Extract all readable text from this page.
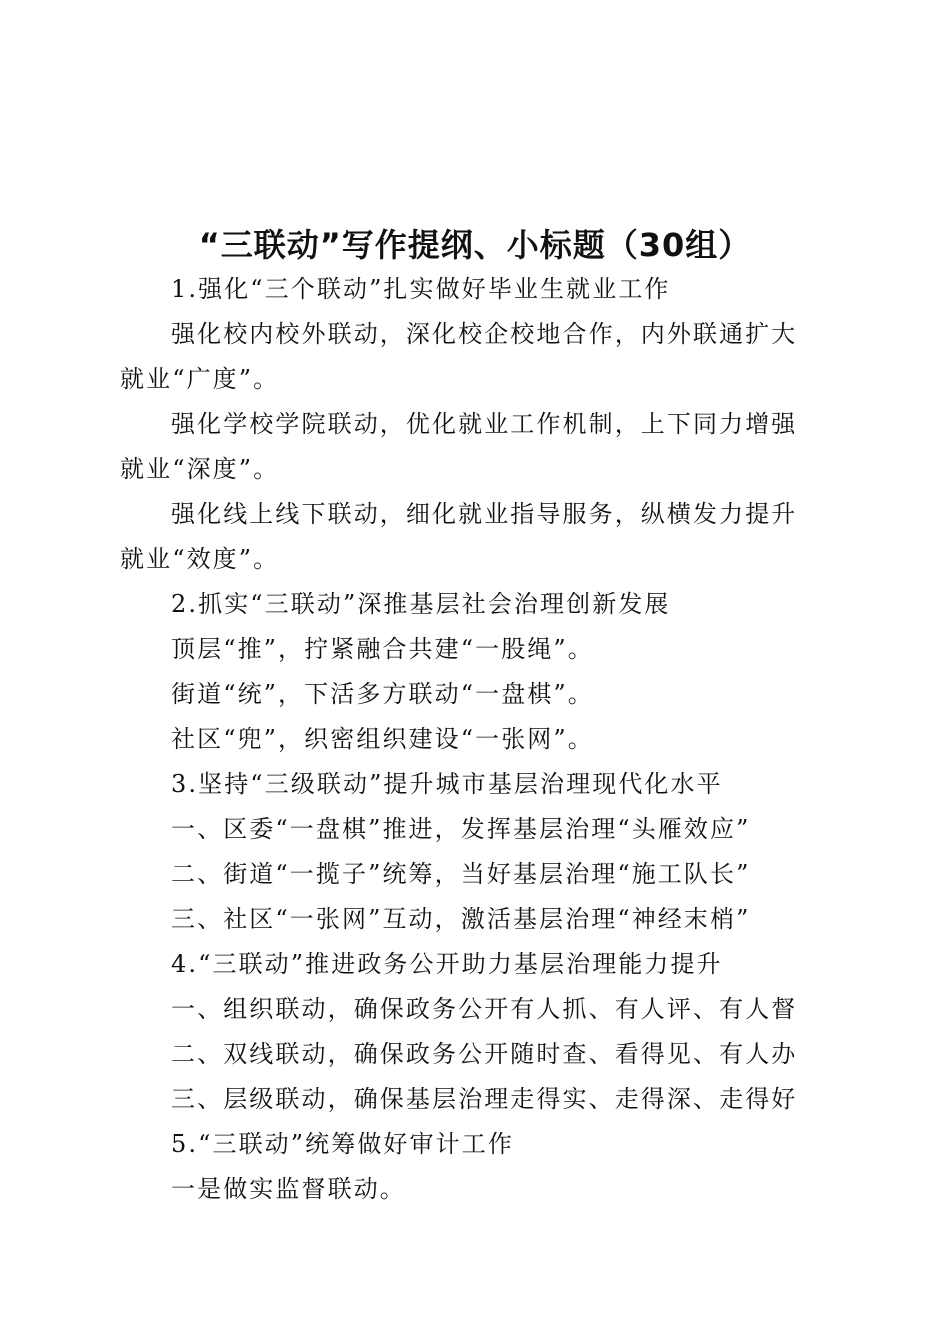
“三联动”写作提纲、小标题（30组）

1.强化“三个联动”扎实做好毕业生就业工作

强化校内校外联动，深化校企校地合作，内外联通扩大就业“广度”。

强化学校学院联动，优化就业工作机制，上下同力增强就业“深度”。

强化线上线下联动，细化就业指导服务，纵横发力提升就业“效度”。

2.抓实“三联动”深推基层社会治理创新发展

顶层“推”，拧紧融合共建“一股绳”。

街道“统”，下活多方联动“一盘棋”。

社区“兜”，织密组织建设“一张网”。

3.坚持“三级联动”提升城市基层治理现代化水平

一、区委“一盘棋”推进，发挥基层治理“头雁效应”

二、街道“一揽子”统筹，当好基层治理“施工队长”

三、社区“一张网”互动，激活基层治理“神经末梢”

4.“三联动”推进政务公开助力基层治理能力提升

一、组织联动，确保政务公开有人抓、有人评、有人督

二、双线联动，确保政务公开随时查、看得见、有人办

三、层级联动，确保基层治理走得实、走得深、走得好

5.“三联动”统筹做好审计工作

一是做实监督联动。
